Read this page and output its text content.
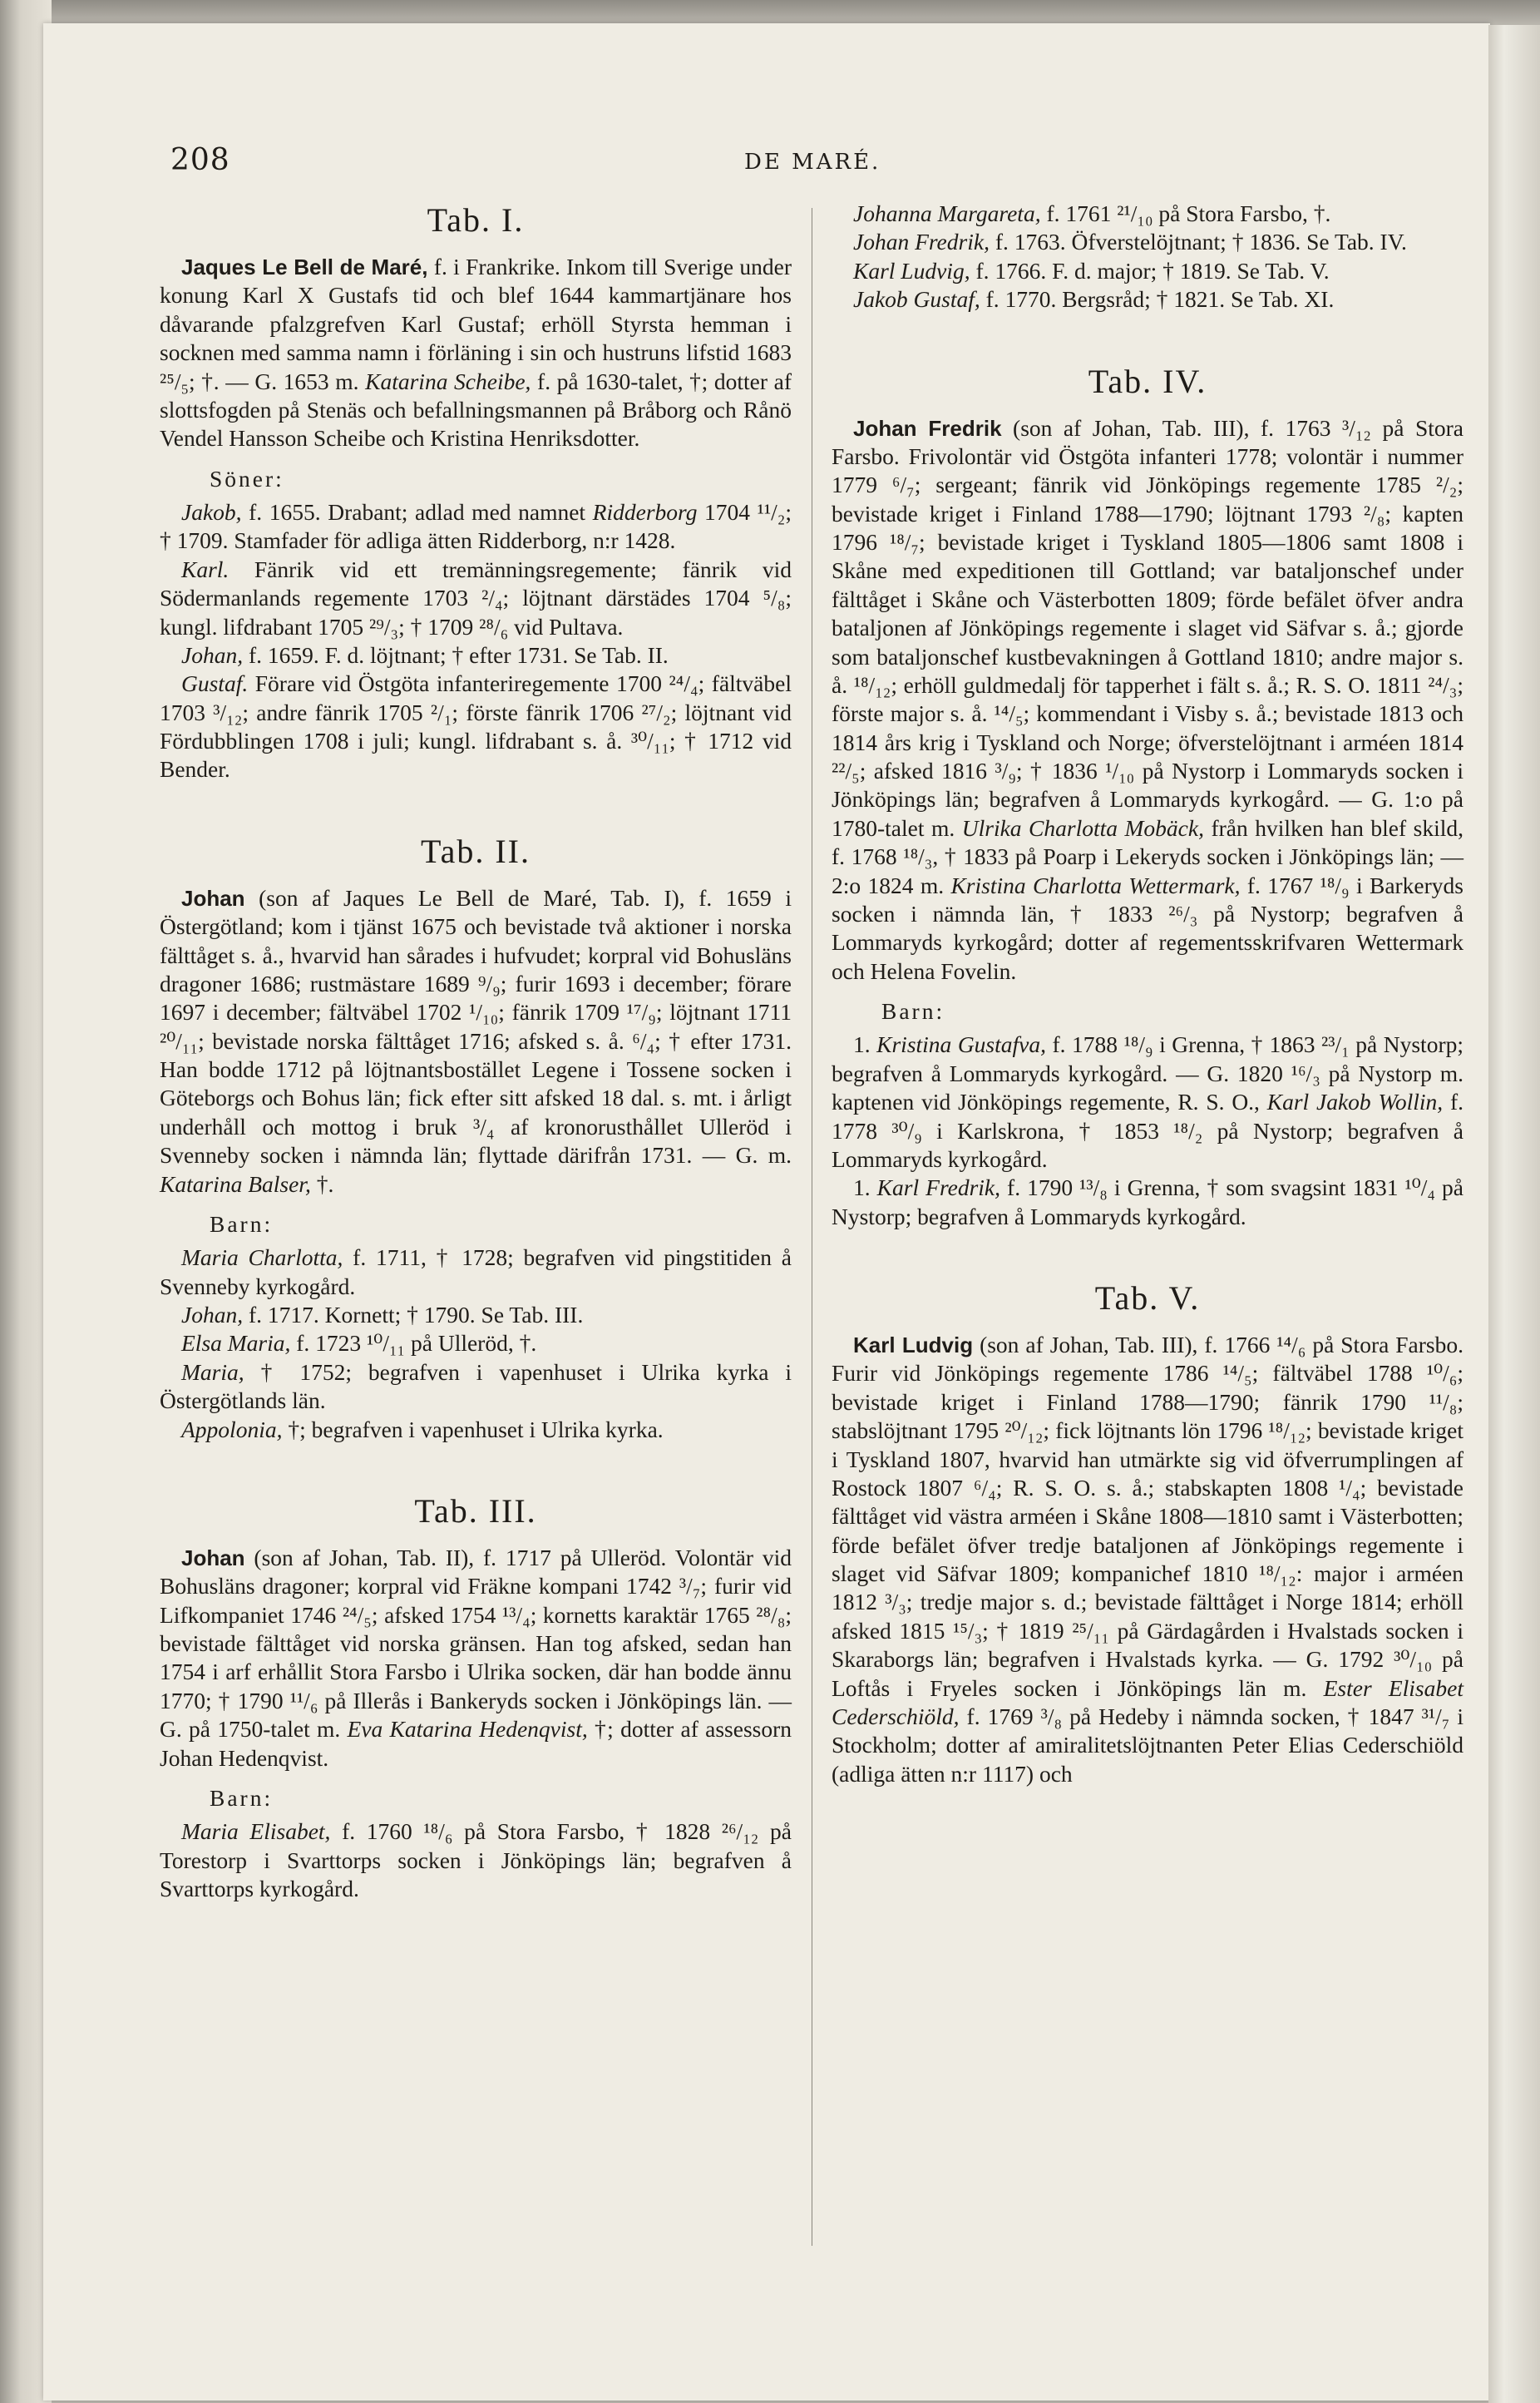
208	DE MARÉ.
Tab. I.

Jaques Le Bell de Maré, f. i Frankrike. Inkom till Sverige under konung Karl X Gustafs tid och blef 1644 kammartjänare hos dåvarande pfalzgrefven Karl Gustaf; erhöll Styrsta hemman i socknen med samma namn i förläning i sin och hustruns lifstid 1683 ²⁵/₅; †. — G. 1653 m. Katarina Scheibe, f. på 1630-talet, †; dotter af slottsfogden på Stenäs och befallningsmannen på Bråborg och Rånö Vendel Hansson Scheibe och Kristina Henriksdotter.

Söner:

Jakob, f. 1655. Drabant; adlad med namnet Ridderborg 1704 ¹¹/₂; † 1709. Stamfader för adliga ätten Ridderborg, n:r 1428.

Karl. Fänrik vid ett tremänningsregemente; fänrik vid Södermanlands regemente 1703 ²/₄; löjtnant därstädes 1704 ⁵/₈; kungl. lifdrabant 1705 ²⁹/₃; † 1709 ²⁸/₆ vid Pultava.

Johan, f. 1659. F. d. löjtnant; † efter 1731. Se Tab. II.

Gustaf. Förare vid Östgöta infanteriregemente 1700 ²⁴/₄; fältväbel 1703 ³/₁₂; andre fänrik 1705 ²/₁; förste fänrik 1706 ²⁷/₂; löjtnant vid Fördubblingen 1708 i juli; kungl. lifdrabant s. å. ³⁰/₁₁; † 1712 vid Bender.

Tab. II.

Johan (son af Jaques Le Bell de Maré, Tab. I), f. 1659 i Östergötland; kom i tjänst 1675 och bevistade två aktioner i norska fälttåget s. å., hvarvid han sårades i hufvudet; korpral vid Bohusläns dragoner 1686; rustmästare 1689 ⁹/₉; furir 1693 i december; förare 1697 i december; fältväbel 1702 ¹/₁₀; fänrik 1709 ¹⁷/₉; löjtnant 1711 ²⁰/₁₁; bevistade norska fälttåget 1716; afsked s. å. ⁶/₄; † efter 1731. Han bodde 1712 på löjtnantsbostället Legene i Tossene socken i Göteborgs och Bohus län; fick efter sitt afsked 18 dal. s. mt. i årligt underhåll och mottog i bruk ³/₄ af kronorusthållet Ulleröd i Svenneby socken i nämnda län; flyttade därifrån 1731. — G. m. Katarina Balser, †.

Barn:

Maria Charlotta, f. 1711, † 1728; begrafven vid pingstitiden å Svenneby kyrkogård.

Johan, f. 1717. Kornett; † 1790. Se Tab. III.

Elsa Maria, f. 1723 ¹⁰/₁₁ på Ulleröd, †.

Maria, † 1752; begrafven i vapenhuset i Ulrika kyrka i Östergötlands län.

Appolonia, †; begrafven i vapenhuset i Ulrika kyrka.

Tab. III.

Johan (son af Johan, Tab. II), f. 1717 på Ulleröd. Volontär vid Bohusläns dragoner; korpral vid Fräkne kompani 1742 ³/₇; furir vid Lifkompaniet 1746 ²⁴/₅; afsked 1754 ¹³/₄; kornetts karaktär 1765 ²⁸/₈; bevistade fälttåget vid norska gränsen. Han tog afsked, sedan han 1754 i arf erhållit Stora Farsbo i Ulrika socken, där han bodde ännu 1770; † 1790 ¹¹/₆ på Illerås i Bankeryds socken i Jönköpings län. — G. på 1750-talet m. Eva Katarina Hedenqvist, †; dotter af assessorn Johan Hedenqvist.

Barn:

Maria Elisabet, f. 1760 ¹⁸/₆ på Stora Farsbo, † 1828 ²⁶/₁₂ på Torestorp i Svarttorps socken i Jönköpings län; begrafven å Svarttorps kyrkogård.

Johanna Margareta, f. 1761 ²¹/₁₀ på Stora Farsbo, †.

Johan Fredrik, f. 1763. Öfverstelöjtnant; † 1836. Se Tab. IV.

Karl Ludvig, f. 1766. F. d. major; † 1819. Se Tab. V.

Jakob Gustaf, f. 1770. Bergsråd; † 1821. Se Tab. XI.

Tab. IV.

Johan Fredrik (son af Johan, Tab. III), f. 1763 ³/₁₂ på Stora Farsbo. Frivolontär vid Östgöta infanteri 1778; volontär i nummer 1779 ⁶/₇; sergeant; fänrik vid Jönköpings regemente 1785 ²/₂; bevistade kriget i Finland 1788—1790; löjtnant 1793 ²/₈; kapten 1796 ¹⁸/₇; bevistade kriget i Tyskland 1805—1806 samt 1808 i Skåne med expeditionen till Gottland; var bataljonschef under fälttåget i Skåne och Västerbotten 1809; förde befälet öfver andra bataljonen af Jönköpings regemente i slaget vid Säfvar s. å.; gjorde som bataljonschef kustbevakningen å Gottland 1810; andre major s. å. ¹⁸/₁₂; erhöll guldmedalj för tapperhet i fält s. å.; R. S. O. 1811 ²⁴/₃; förste major s. å. ¹⁴/₅; kommendant i Visby s. å.; bevistade 1813 och 1814 års krig i Tyskland och Norge; öfverstelöjtnant i arméen 1814 ²²/₅; afsked 1816 ³/₉; † 1836 ¹/₁₀ på Nystorp i Lommaryds socken i Jönköpings län; begrafven å Lommaryds kyrkogård. — G. 1:o på 1780-talet m. Ulrika Charlotta Mobäck, från hvilken han blef skild, f. 1768 ¹⁸/₃, † 1833 på Poarp i Lekeryds socken i Jönköpings län; — 2:o 1824 m. Kristina Charlotta Wettermark, f. 1767 ¹⁸/₉ i Barkeryds socken i nämnda län, † 1833 ²⁶/₃ på Nystorp; begrafven å Lommaryds kyrkogård; dotter af regementsskrifvaren Wettermark och Helena Fovelin.

Barn:

1. Kristina Gustafva, f. 1788 ¹⁸/₉ i Grenna, † 1863 ²³/₁ på Nystorp; begrafven å Lommaryds kyrkogård. — G. 1820 ¹⁶/₃ på Nystorp m. kaptenen vid Jönköpings regemente, R. S. O., Karl Jakob Wollin, f. 1778 ³⁰/₉ i Karlskrona, † 1853 ¹⁸/₂ på Nystorp; begrafven å Lommaryds kyrkogård.

1. Karl Fredrik, f. 1790 ¹³/₈ i Grenna, † som svagsint 1831 ¹⁰/₄ på Nystorp; begrafven å Lommaryds kyrkogård.

Tab. V.

Karl Ludvig (son af Johan, Tab. III), f. 1766 ¹⁴/₆ på Stora Farsbo. Furir vid Jönköpings regemente 1786 ¹⁴/₅; fältväbel 1788 ¹⁰/₆; bevistade kriget i Finland 1788—1790; fänrik 1790 ¹¹/₈; stabslöjtnant 1795 ²⁰/₁₂; fick löjtnants lön 1796 ¹⁸/₁₂; bevistade kriget i Tyskland 1807, hvarvid han utmärkte sig vid öfverrumplingen af Rostock 1807 ⁶/₄; R. S. O. s. å.; stabskapten 1808 ¹/₄; bevistade fälttåget vid västra arméen i Skåne 1808—1810 samt i Västerbotten; förde befälet öfver tredje bataljonen af Jönköpings regemente i slaget vid Säfvar 1809; kompanichef 1810 ¹⁸/₁₂: major i arméen 1812 ³/₃; tredje major s. d.; bevistade fälttåget i Norge 1814; erhöll afsked 1815 ¹⁵/₃; † 1819 ²⁵/₁₁ på Gärdagården i Hvalstads socken i Skaraborgs län; begrafven i Hvalstads kyrka. — G. 1792 ³⁰/₁₀ på Loftås i Fryeles socken i Jönköpings län m. Ester Elisabet Cederschiöld, f. 1769 ³/₈ på Hedeby i nämnda socken, † 1847 ³¹/₇ i Stockholm; dotter af amiralitetslöjtnanten Peter Elias Cederschiöld (adliga ätten n:r 1117) och
